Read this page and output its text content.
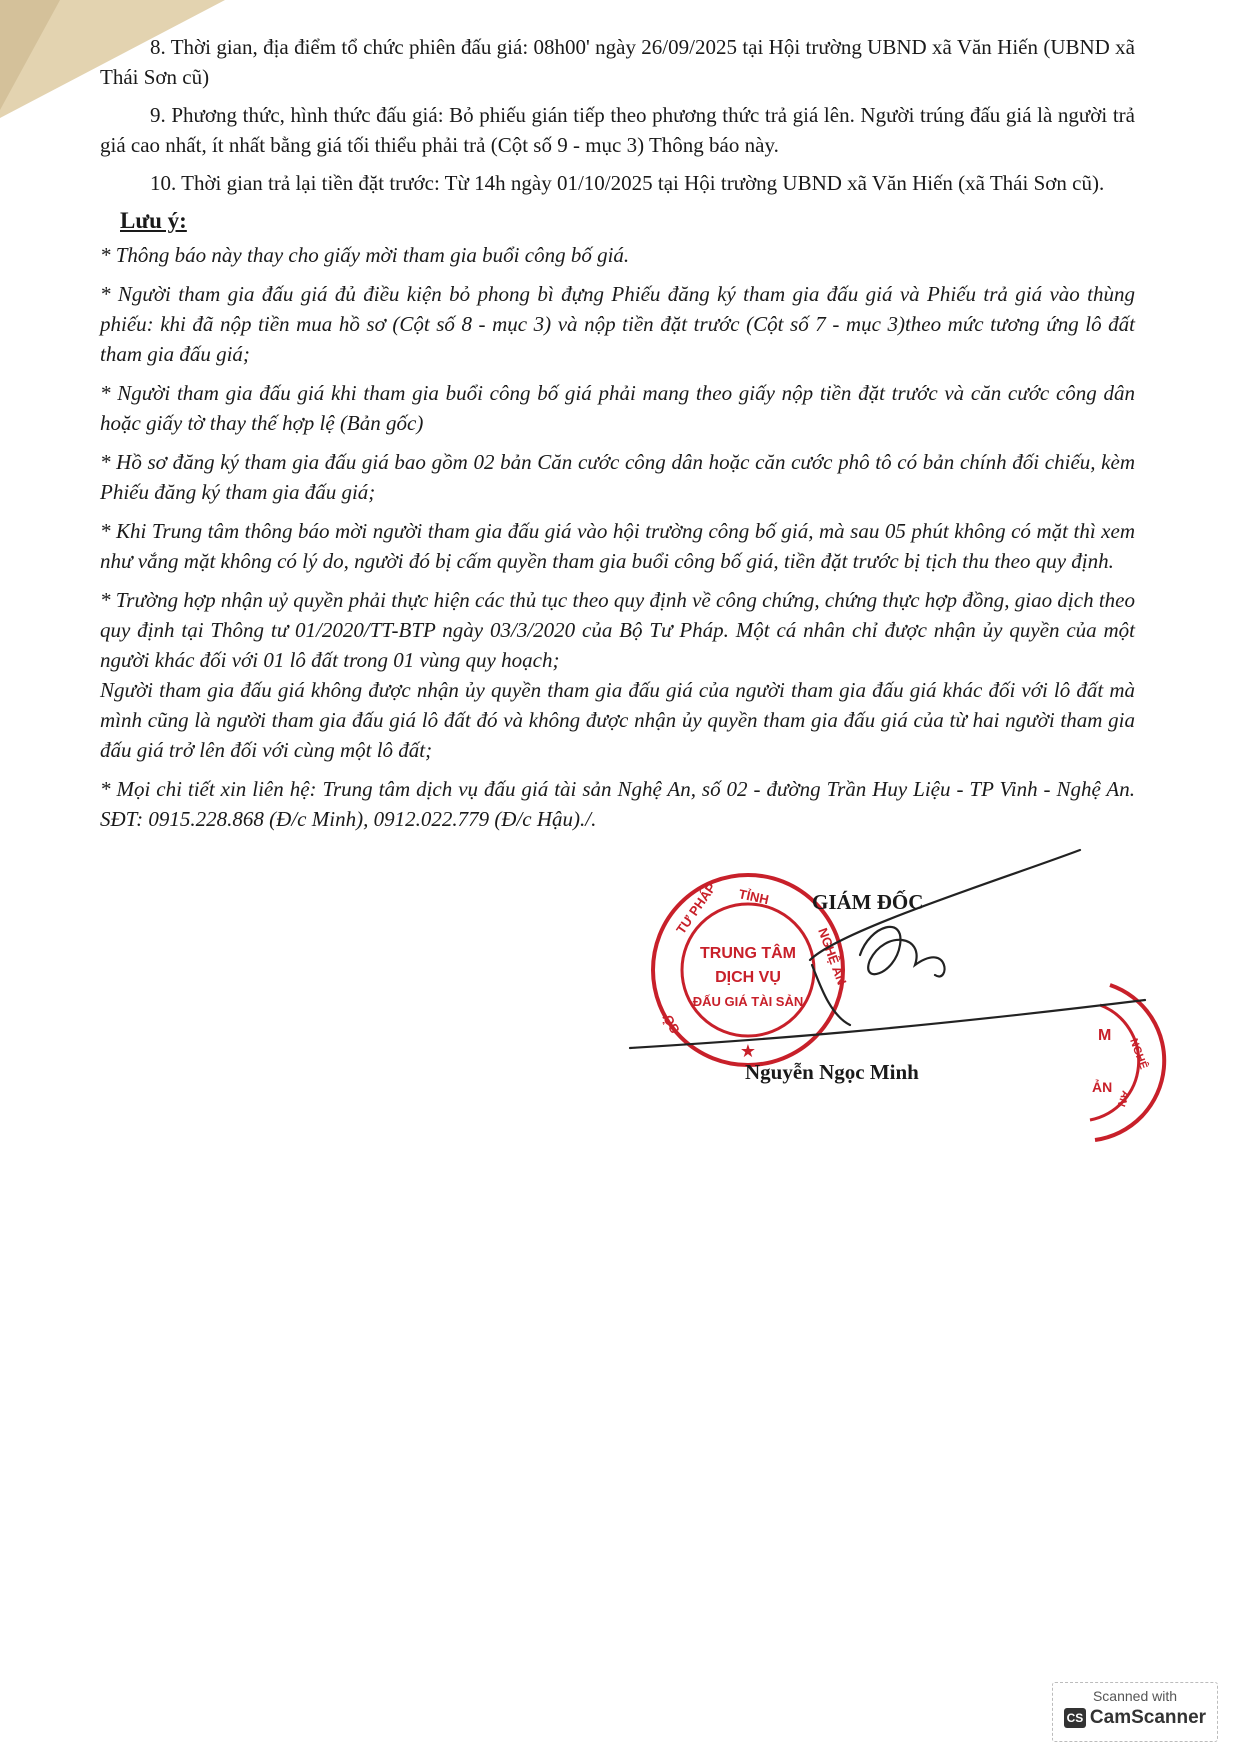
8. Thời gian, địa điểm tổ chức phiên đấu giá: 08h00' ngày 26/09/2025 tại Hội trường UBND xã Văn Hiến (UBND xã Thái Sơn cũ)

9. Phương thức, hình thức đấu giá: Bỏ phiếu gián tiếp theo phương thức trả giá lên. Người trúng đấu giá là người trả giá cao nhất, ít nhất bằng giá tối thiểu phải trả (Cột số 9 - mục 3) Thông báo này.

10. Thời gian trả lại tiền đặt trước: Từ 14h ngày 01/10/2025 tại Hội trường UBND xã Văn Hiến (xã Thái Sơn cũ).

Lưu ý:

* Thông báo này thay cho giấy mời tham gia buổi công bố giá.

* Người tham gia đấu giá đủ điều kiện bỏ phong bì đựng Phiếu đăng ký tham gia đấu giá và Phiếu trả giá vào thùng phiếu: khi đã nộp tiền mua hồ sơ (Cột số 8 - mục 3) và nộp tiền đặt trước (Cột số 7 - mục 3)theo mức tương ứng lô đất tham gia đấu giá;

* Người tham gia đấu giá khi tham gia buổi công bố giá phải mang theo giấy nộp tiền đặt trước và căn cước công dân hoặc giấy tờ thay thế hợp lệ (Bản gốc)

* Hồ sơ đăng ký tham gia đấu giá bao gồm 02 bản Căn cước công dân hoặc căn cước phô tô có bản chính đối chiếu, kèm Phiếu đăng ký tham gia đấu giá;

* Khi Trung tâm thông báo mời người tham gia đấu giá vào hội trường công bố giá, mà sau 05 phút không có mặt thì xem như vắng mặt không có lý do, người đó bị cấm quyền tham gia buổi công bố giá, tiền đặt trước bị tịch thu theo quy định.

* Trường hợp nhận uỷ quyền phải thực hiện các thủ tục theo quy định về công chứng, chứng thực hợp đồng, giao dịch theo quy định tại Thông tư 01/2020/TT-BTP ngày 03/3/2020 của Bộ Tư Pháp. Một cá nhân chỉ được nhận ủy quyền của một người khác đối với 01 lô đất trong 01 vùng quy hoạch;

Người tham gia đấu giá không được nhận ủy quyền tham gia đấu giá của người tham gia đấu giá khác đối với lô đất mà mình cũng là người tham gia đấu giá lô đất đó và không được nhận ủy quyền tham gia đấu giá của từ hai người tham gia đấu giá trở lên đối với cùng một lô đất;

* Mọi chi tiết xin liên hệ: Trung tâm dịch vụ đấu giá tài sản Nghệ An, số 02 - đường Trần Huy Liệu - TP Vinh - Nghệ An. SĐT: 0915.228.868 (Đ/c Minh), 0912.022.779 (Đ/c Hậu)./.

TRUNG TÂM
DỊCH VỤ
ĐẤU GIÁ TÀI SẢN
TƯ PHÁP TỈNH
NGHỆ AN
SỞ
★
M
NGHỆ
AN
ẢN
GIÁM ĐỐC
Nguyễn Ngọc Minh
Scanned with
CS CamScanner
